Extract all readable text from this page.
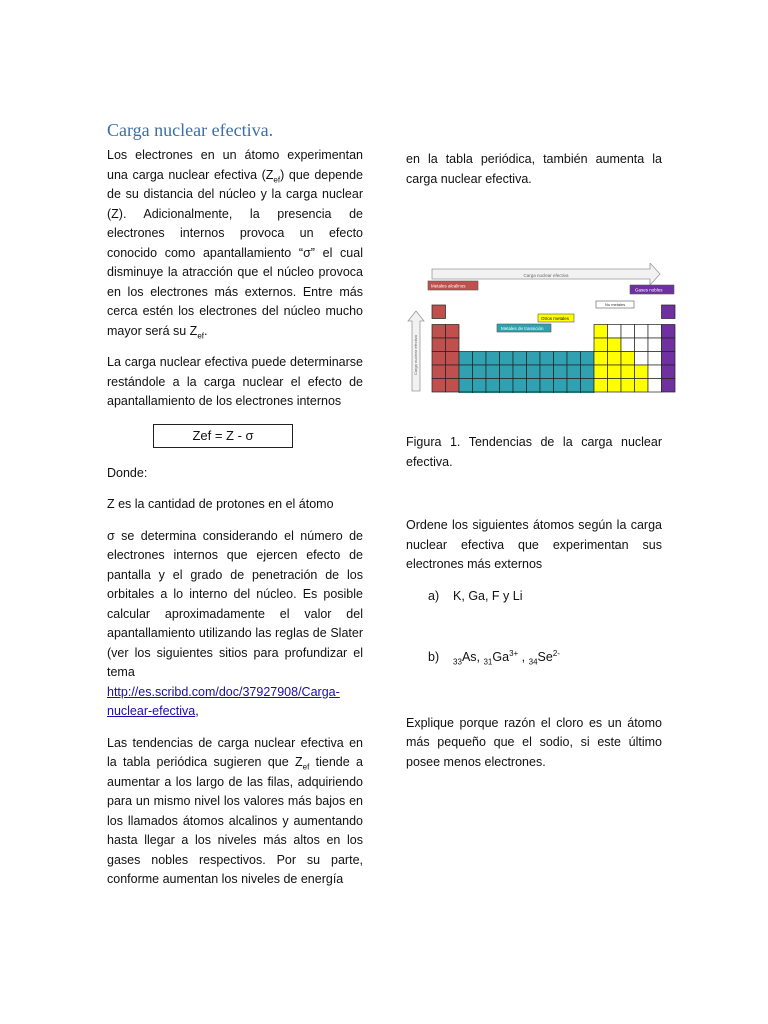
Carga nuclear efectiva.

Los electrones en un átomo experimentan una carga nuclear efectiva $(Z_{ef})$ que depende de su distancia del núcleo y la carga nuclear (Z). Adicionalmente, la presencia de electrones internos provoca un efecto conocido como apantallamiento “σ” el cual disminuye la atracción que el núcleo provoca en los electrones más externos. Entre más cerca estén los electrones del núcleo mucho mayor será su $Z_{ef}$.

La carga nuclear efectiva puede determinarse restándole a la carga nuclear el efecto de apantallamiento de los electrones internos

Zef = Z - σ

Donde:

Z es la cantidad de protones en el átomo

σ se determina considerando el número de electrones internos que ejercen efecto de pantalla y el grado de penetración de los orbitales a lo interno del núcleo. Es posible calcular aproximadamente el valor del apantallamiento utilizando las reglas de Slater (ver los siguientes sitios para profundizar el tema http://es.scribd.com/doc/37927908/Carga-nuclear-efectiva,

Las tendencias de carga nuclear efectiva en la tabla periódica sugieren que $Z_{ef}$ tiende a aumentar a los largo de las filas, adquiriendo para un mismo nivel los valores más bajos en los llamados átomos alcalinos y aumentando hasta llegar a los niveles más altos en los gases nobles respectivos. Por su parte, conforme aumentan los niveles de energía

en la tabla periódica, también aumenta la carga nuclear efectiva.

Carga nuclear efectiva
Carga nuclear efectiva
Metales alcalinos
Gases nobles
No metales
Otros metales
Metales de transición

Figura 1. Tendencias de la carga nuclear efectiva.

Ordene los siguientes átomos según la carga nuclear efectiva que experimentan sus electrones más externos

a) K, Ga, F y Li
b) $_{33}$As, $_{31}Ga^{3+}$ , $_{34}Se^{2-}$

Explique porque razón el cloro es un átomo más pequeño que el sodio, si este último posee menos electrones.
